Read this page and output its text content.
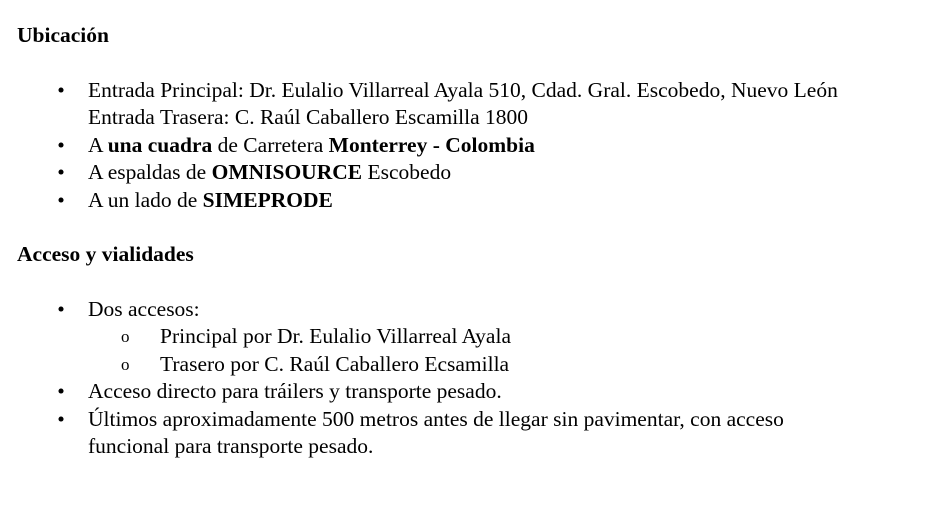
Ubicación
• Entrada Principal: Dr. Eulalio Villarreal Ayala 510, Cdad. Gral. Escobedo, Nuevo León
Entrada Trasera: C. Raúl Caballero Escamilla 1800
• A una cuadra de Carretera Monterrey - Colombia
• A espaldas de OMNISOURCE Escobedo
• A un lado de SIMEPRODE
Acceso y vialidades
• Dos accesos:
o Principal por Dr. Eulalio Villarreal Ayala
o Trasero por C. Raúl Caballero Ecsamilla
• Acceso directo para tráilers y transporte pesado.
• Últimos aproximadamente 500 metros antes de llegar sin pavimentar, con acceso
funcional para transporte pesado.
